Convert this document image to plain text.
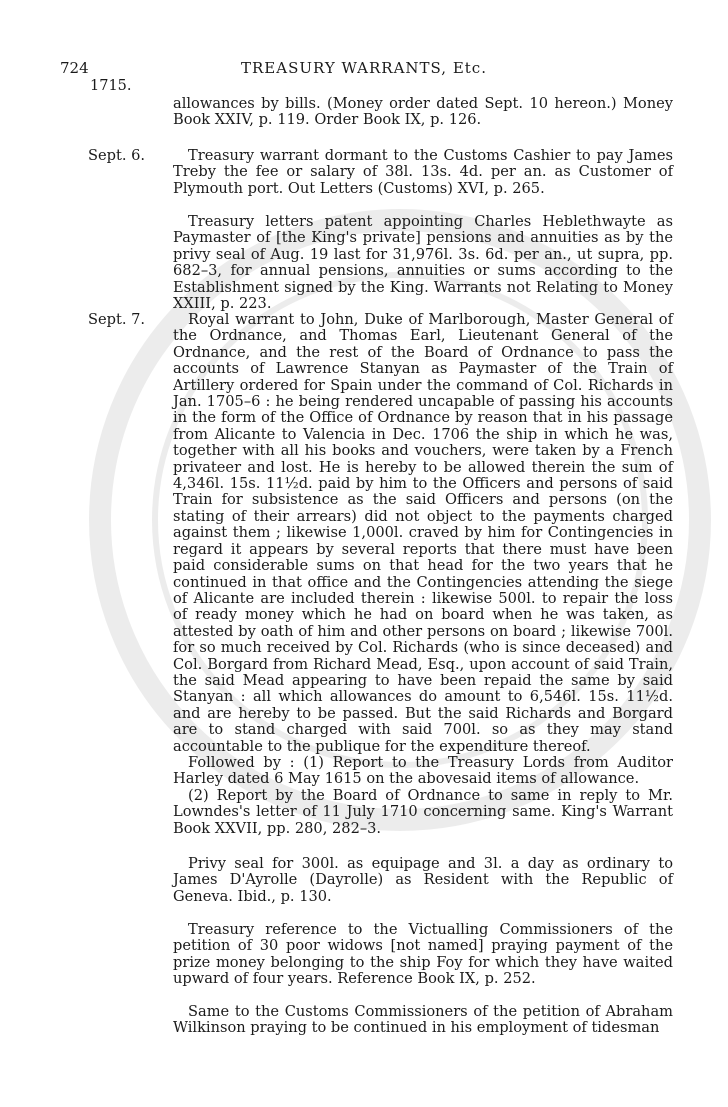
724	TREASURY WARRANTS, Etc.
1715.

allowances by bills. (Money order dated Sept. 10 hereon.) Money Book XXIV, p. 119. Order Book IX, p. 126.

Sept. 6.	Treasury warrant dormant to the Customs Cashier to pay James Treby the fee or salary of 38l. 13s. 4d. per an. as Customer of Plymouth port. Out Letters (Customs) XVI, p. 265.

Treasury letters patent appointing Charles Heblethwayte as Paymaster of [the King's private] pensions and annuities as by the privy seal of Aug. 19 last for 31,976l. 3s. 6d. per an., ut supra, pp. 682–3, for annual pensions, annuities or sums according to the Establishment signed by the King. Warrants not Relating to Money XXIII, p. 223.

Sept. 7.	Royal warrant to John, Duke of Marlborough, Master General of the Ordnance, and Thomas Earl, Lieutenant General of the Ordnance, and the rest of the Board of Ordnance to pass the accounts of Lawrence Stanyan as Paymaster of the Train of Artillery ordered for Spain under the command of Col. Richards in Jan. 1705–6 : he being rendered uncapable of passing his accounts in the form of the Office of Ordnance by reason that in his passage from Alicante to Valencia in Dec. 1706 the ship in which he was, together with all his books and vouchers, were taken by a French privateer and lost. He is hereby to be allowed therein the sum of 4,346l. 15s. 11½d. paid by him to the Officers and persons of said Train for subsistence as the said Officers and persons (on the stating of their arrears) did not object to the payments charged against them ; likewise 1,000l. craved by him for Contingencies in regard it appears by several reports that there must have been paid considerable sums on that head for the two years that he continued in that office and the Contingencies attending the siege of Alicante are included therein : likewise 500l. to repair the loss of ready money which he had on board when he was taken, as attested by oath of him and other persons on board ; likewise 700l. for so much received by Col. Richards (who is since deceased) and Col. Borgard from Richard Mead, Esq., upon account of said Train, the said Mead appearing to have been repaid the same by said Stanyan : all which allowances do amount to 6,546l. 15s. 11½d. and are hereby to be passed. But the said Richards and Borgard are to stand charged with said 700l. so as they may stand accountable to the publique for the expenditure thereof.

Followed by : (1) Report to the Treasury Lords from Auditor Harley dated 6 May 1615 on the abovesaid items of allowance.

(2) Report by the Board of Ordnance to same in reply to Mr. Lowndes's letter of 11 July 1710 concerning same. King's Warrant Book XXVII, pp. 280, 282–3.

Privy seal for 300l. as equipage and 3l. a day as ordinary to James D'Ayrolle (Dayrolle) as Resident with the Republic of Geneva. Ibid., p. 130.

Treasury reference to the Victualling Commissioners of the petition of 30 poor widows [not named] praying payment of the prize money belonging to the ship Foy for which they have waited upward of four years. Reference Book IX, p. 252.

Same to the Customs Commissioners of the petition of Abraham Wilkinson praying to be continued in his employment of tidesman
